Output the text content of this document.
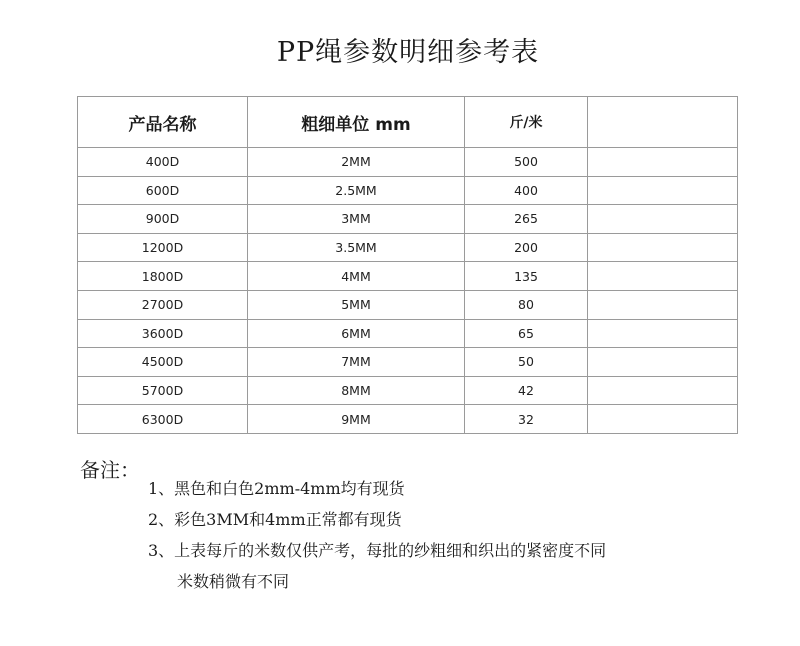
PP绳参数明细参考表
产品名称	粗细单位 mm	斤/米	
400D	2MM	500	
600D	2.5MM	400	
900D	3MM	265	
1200D	3.5MM	200	
1800D	4MM	135	
2700D	5MM	80	
3600D	6MM	65	
4500D	7MM	50	
5700D	8MM	42	
6300D	9MM	32	
备注：
1、黑色和白色2mm-4mm均有现货
2、彩色3MM和4mm正常都有现货
3、上表每斤的米数仅供产考，每批的纱粗细和织出的紧密度不同
米数稍微有不同
